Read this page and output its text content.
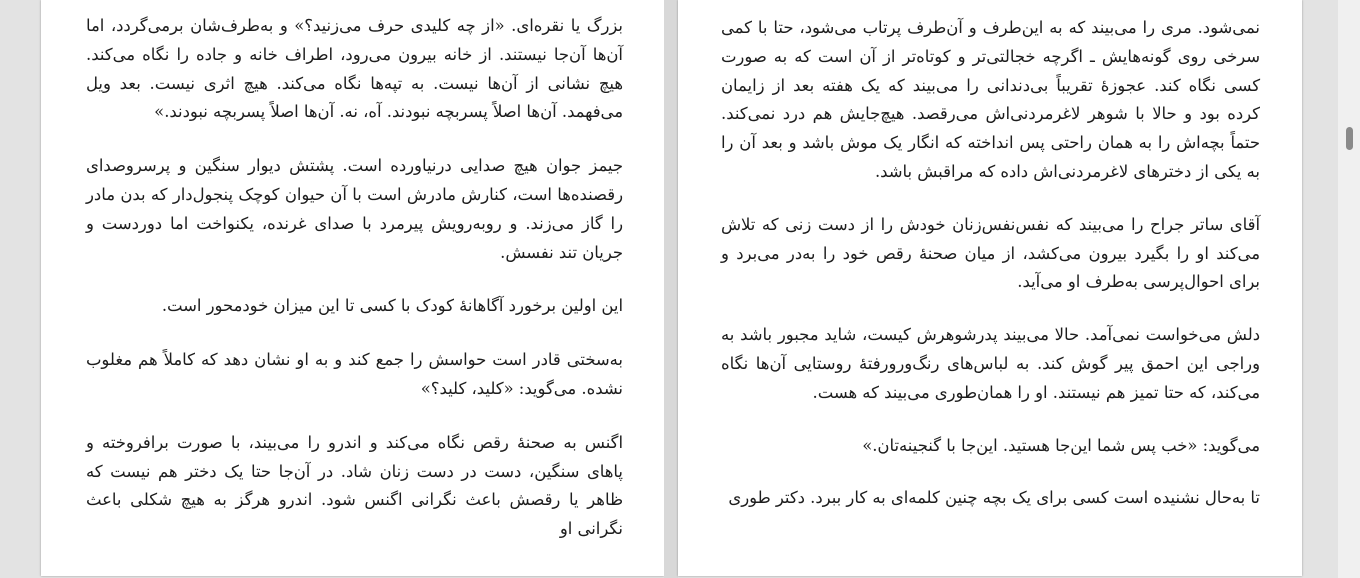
بزرگ یا نقره‌ای. «از چه کلیدی حرف می‌زنید؟» و به‌طرف‌شان برمی‌گردد، اما آن‌ها آن‌جا نیستند. از خانه بیرون می‌رود، اطراف خانه و جاده را نگاه می‌کند. هیچ نشانی از آن‌ها نیست. به تپه‌ها نگاه می‌کند. هیچ اثری نیست. بعد ویل می‌فهمد. آن‌ها اصلاً پسربچه نبودند. آه، نه. آن‌ها اصلاً پسربچه نبودند.»

جیمز جوان هیچ صدایی درنیاورده است. پشتش دیوار سنگین و پرسروصدای رقصنده‌ها است، کنارش مادرش است با آن حیوان کوچک پنجول‌دار که بدن مادر را گاز می‌زند. و روبه‌رویش پیرمرد با صدای غرنده، یکنواخت اما دوردست و جریان تند نفسش.

این اولین برخورد آگاهانهٔ کودک با کسی تا این میزان خودمحور است.

به‌سختی قادر است حواسش را جمع کند و به او نشان دهد که کاملاً هم مغلوب نشده. می‌گوید: «کلید، کلید؟»

اگنس به صحنهٔ رقص نگاه می‌کند و اندرو را می‌بیند، با صورت برافروخته و پاهای سنگین، دست در دست زنان شاد. در آن‌جا حتا یک دختر هم نیست که ظاهر یا رقصش باعث نگرانی اگنس شود. اندرو هرگز به هیچ شکلی باعث نگرانی او

نمی‌شود. مری را می‌بیند که به این‌طرف و آن‌طرف پرتاب می‌شود، حتا با کمی سرخی روی گونه‌هایش ـ اگرچه خجالتی‌تر و کوتاه‌تر از آن است که به صورت کسی نگاه کند. عجوزهٔ تقریباً بی‌دندانی را می‌بیند که یک هفته بعد از زایمان کرده بود و حالا با شوهر لاغرمردنی‌اش می‌رقصد. هیچ‌جایش هم درد نمی‌کند. حتماً بچه‌اش را به همان راحتی پس انداخته که انگار یک موش باشد و بعد آن را به یکی از دخترهای لاغرمردنی‌اش داده که مراقبش باشد.

آقای ساتر جراح را می‌بیند که نفس‌نفس‌زنان خودش را از دست زنی که تلاش می‌کند او را بگیرد بیرون می‌کشد، از میان صحنهٔ رقص خود را به‌در می‌برد و برای احوال‌پرسی به‌طرف او می‌آید.

دلش می‌خواست نمی‌آمد. حالا می‌بیند پدرشوهرش کیست، شاید مجبور باشد به وراجی این احمق پیر گوش کند. به لباس‌های رنگ‌ورورفتهٔ روستایی آن‌ها نگاه می‌کند، که حتا تمیز هم نیستند. او را همان‌طوری می‌بیند که هست.

می‌گوید: «خب پس شما این‌جا هستید. این‌جا با گنجینه‌تان.»

تا به‌حال نشنیده است کسی برای یک بچه چنین کلمه‌ای به کار ببرد. دکتر طوری
